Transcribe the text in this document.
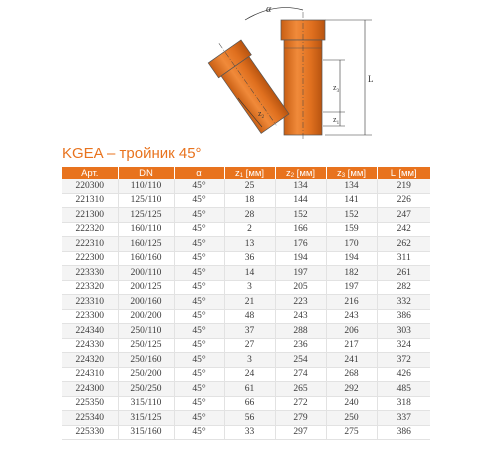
α
$z_3$
$z_1$
$z_2$
L
KGEA – тройник 45°
Арт.	DN	α	$z_1$ [мм]	$z_2$ [мм]	$z_3$ [мм]	L [мм]
220300	110/110	45°	25	134	134	219
221310	125/110	45°	18	144	141	226
221300	125/125	45°	28	152	152	247
222320	160/110	45°	2	166	159	242
222310	160/125	45°	13	176	170	262
222300	160/160	45°	36	194	194	311
223330	200/110	45°	14	197	182	261
223320	200/125	45°	3	205	197	282
223310	200/160	45°	21	223	216	332
223300	200/200	45°	48	243	243	386
224340	250/110	45°	37	288	206	303
224330	250/125	45°	27	236	217	324
224320	250/160	45°	3	254	241	372
224310	250/200	45°	24	274	268	426
224300	250/250	45°	61	265	292	485
225350	315/110	45°	66	272	240	318
225340	315/125	45°	56	279	250	337
225330	315/160	45°	33	297	275	386
